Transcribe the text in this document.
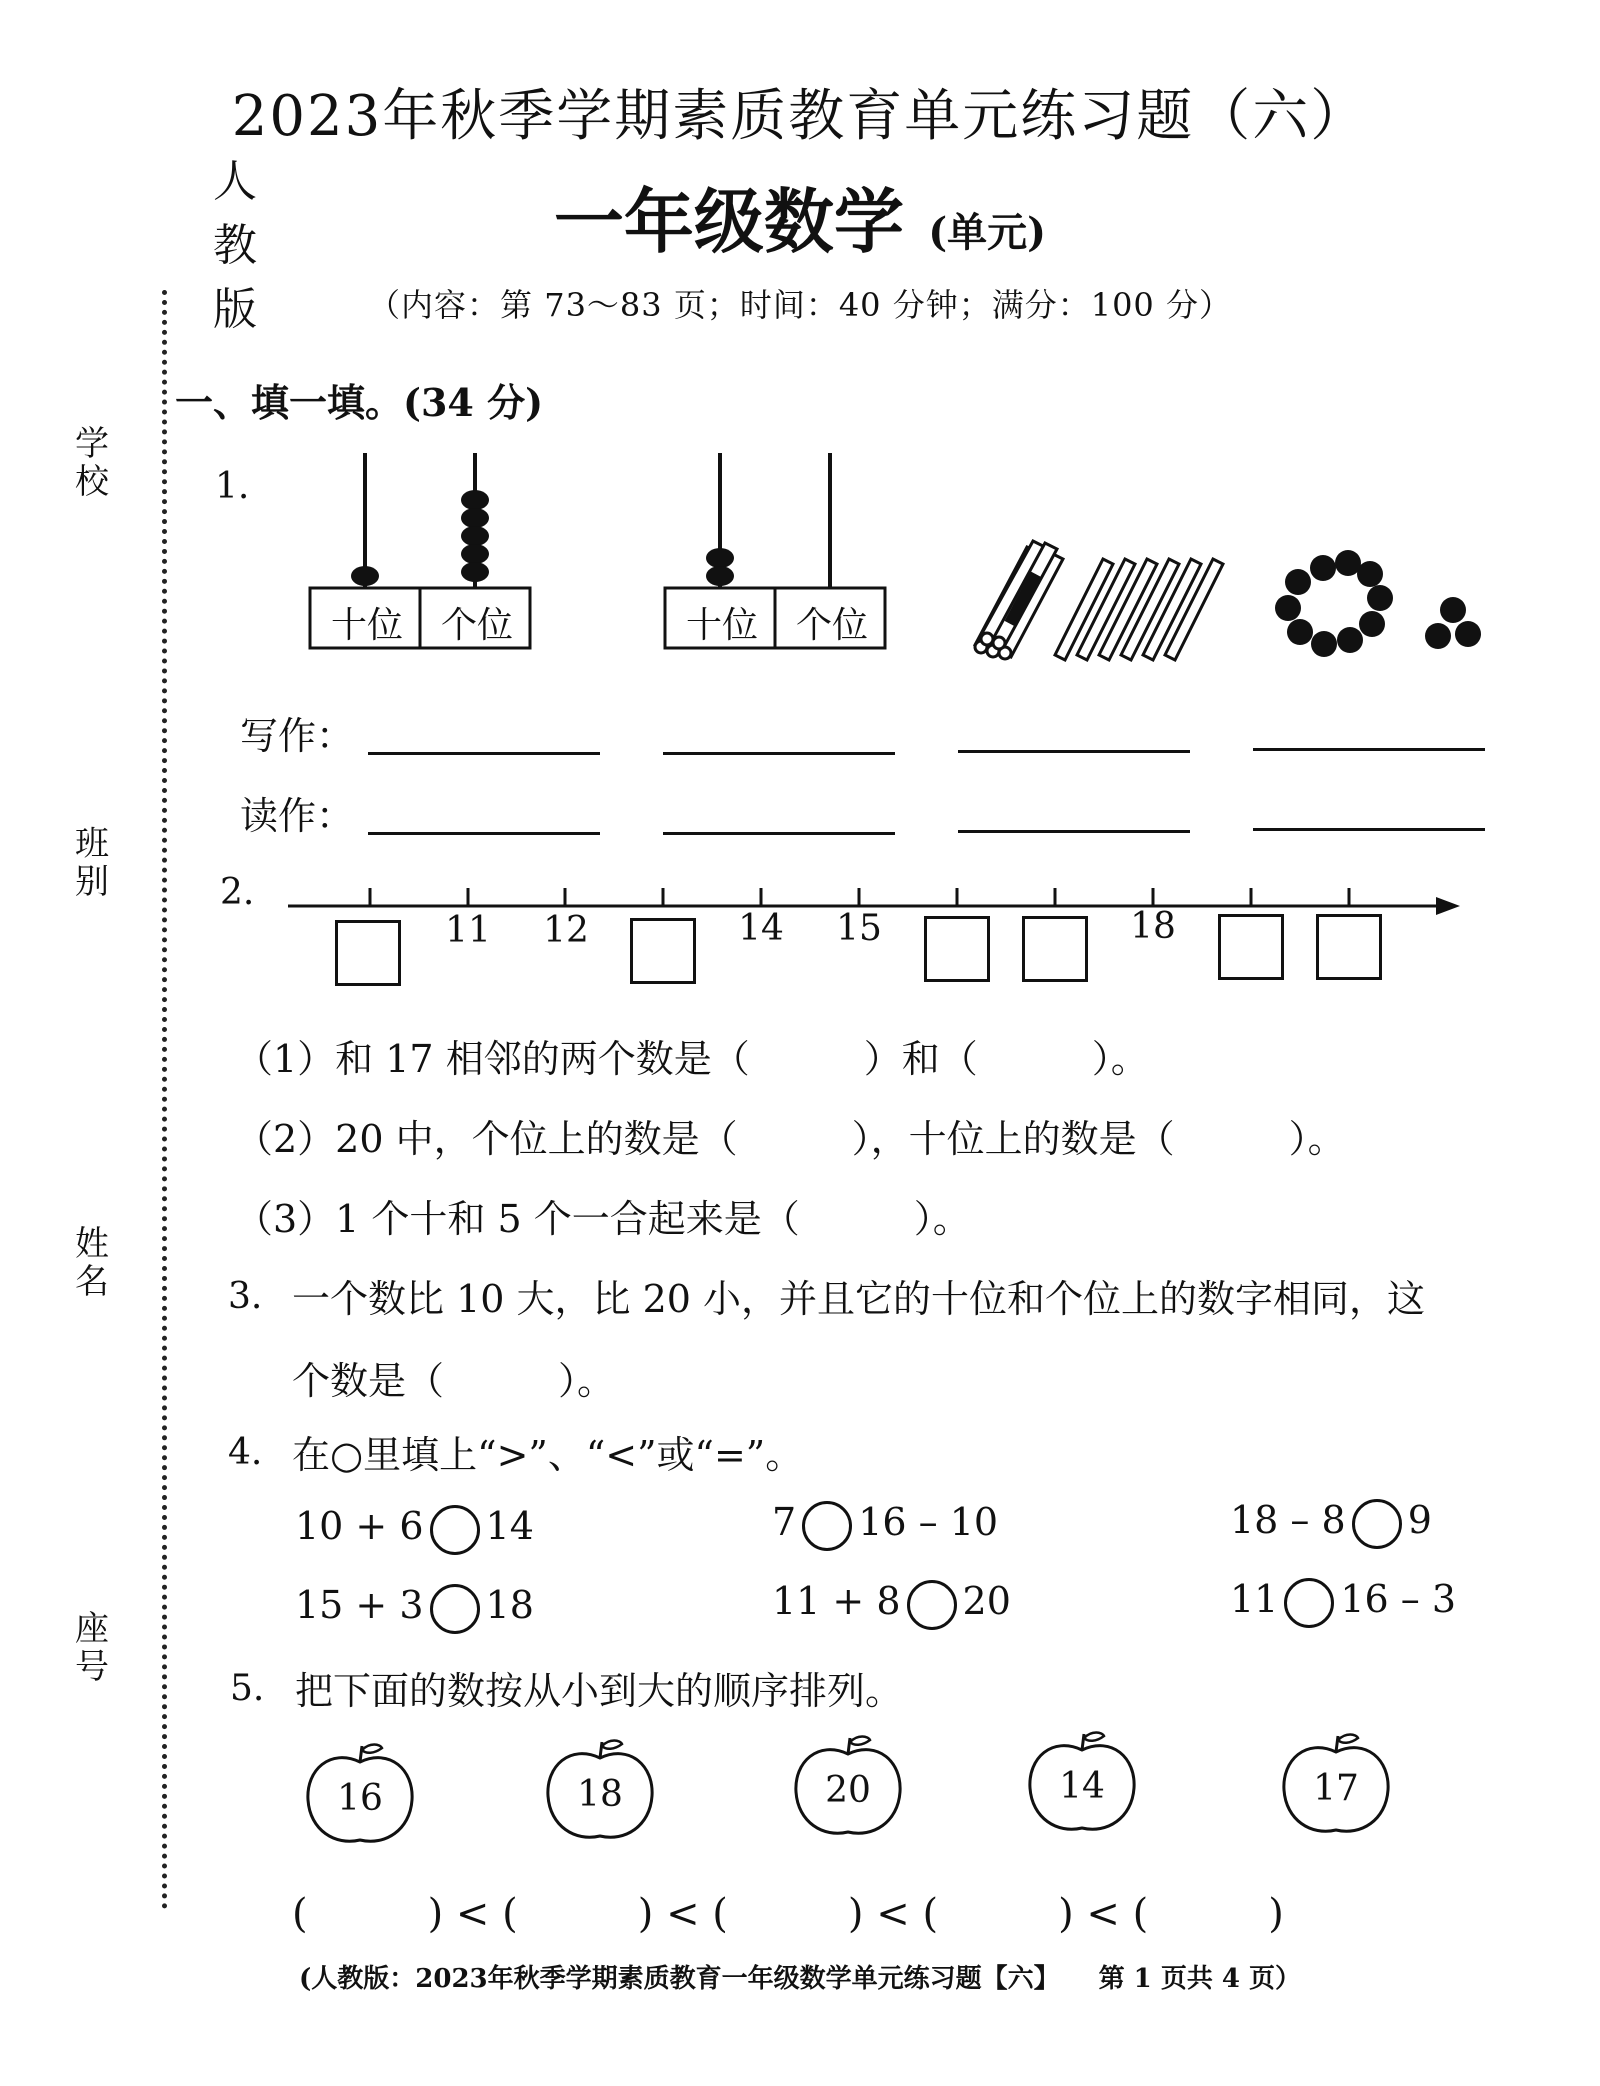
2023年秋季学期素质教育单元练习题（六）
人
教
版
一年级数学 (单元)
（内容：第 73～83 页；时间：40 分钟；满分：100 分）
学校
班别
姓名
座号
一、填一填。(34 分)
1.
十位	个位	十位	个位
写作：
读作：
2.
11 12	14 15	18
（1）和 17 相邻的两个数是（　　　）和（　　　）。
（2）20 中，个位上的数是（　　　），十位上的数是（　　　）。
（3）1 个十和 5 个一合起来是（　　　）。
3. 一个数比 10 大，比 20 小，并且它的十位和个位上的数字相同，这
个数是（　　　）。
4. 在○里填上“>”、“<”或“=”。
10 + 6 14	7 16 – 10	18 – 8 9
15 + 3 18	11 + 8 20	11 16 – 3
5. 把下面的数按从小到大的顺序排列。
16	18	20	14	17
(　　　) < (　　　) < (　　　) < (　　　) < (　　　)
(人教版：2023年秋季学期素质教育一年级数学单元练习题【六】　　第 1 页共 4 页）
